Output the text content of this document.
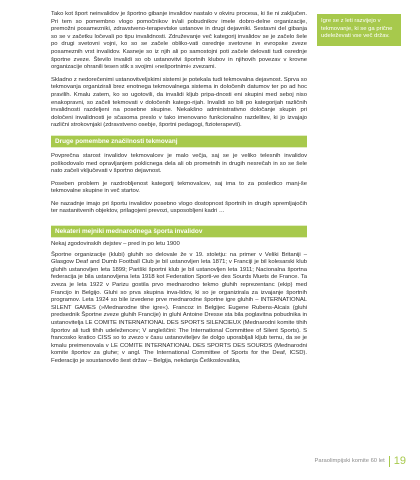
Tako kot šport neinvalidov je športno gibanje invalidov nastalo v okviru procesa, ki še ni zaključen. Pri tem so pomembno vlogo pomočnikov in/ali pobudnikov imele dobro-delne organizacije, premožni posamezniki, zdravstveno-terapevtske ustanove in drugi dejavniki. Sestavni del gibanja so se v začetku ločevali po tipu invalidnosti. Združevanje več kategorij invalidov se je začelo šele po drugi svetovni vojni, ko so se začele obliko-vati osrednje svetovne in evropske zveze posameznih vrst invalidov. Kasneje so iz njih ali po samostojni poti začele delovati tudi osrednje športne zveze. Število invalidi so ob ustanovitvi športnih klubov in njihovih povezav v krovne organizacije ohranili tesen stik s svojimi »nešportnimi« zvezami.

Skladno z nedorečenimi ustanovitveljskimi sistemi je potekala tudi tekmovalna dejavnost. Sprva so tekmovanja organizirali brez enotnega tekmovalnega sistema in določenih datumov ter po ad hoc pravilih. Kmalu zatem, ko so ugotovili, da invalidi kljub pripa-dnosti eni skupini med seboj niso enakopravni, so začeli tekmovati v določenih katego-rijah. Invalidi so bili po kategorijah različnih invalidnosti razdeljeni na posebne skupine. Nekakšno administrativno določanje skupin pri določeni invalidnosti je sčasoma preslo v tako imenovano funkcionalno razdelitev, ki jo izvajajo različni strokovnjaki (zdravstveno osebje, športni pedagogi, fizioterapevti).

Druge pomembne značilnosti tekmovanj

Povprečna starost invalidov tekmovalcev je malo večja, saj se je veliko telesnih invalidov poškodovalo med opravljanjem poklicnega dela ali ob prometnih in drugih nesrečah in so se šele nato začeli vključevati v športno dejavnost.

Poseben problem je razdrobljenost kategorij tekmovalcev, saj ima to za posledico manj-še tekmovalne skupine in več startov.

Ne nazadnje imajo pri športu invalidov posebno vlogo dostopnost športnih in drugih spremljajočih ter nastanitvenih objektov, prilagojeni prevozi, usposobljeni kadri …

Nekateri mejniki mednarodnega športa invalidov

Nekaj zgodovinskih dejstev – pred in po letu 1900

Športne organizacije (klubi) gluhih so delovale že v 19. stoletju: na primer v Veliki Britaniji – Glasgow Deaf and Dumb Football Club je bil ustanovljen leta 1871; v Franciji je bil kolesarski klub gluhih ustanovljen leta 1899; Pariški športni klub je bil ustanovljen leta 1911; Nacionalna športna federacija je bila ustanovljena leta 1918 kot Federation Sporti-ve des Sourds Muets de France. Ta zveza je leta 1922 v Parizu gostila prvo mednarodno tekmo gluhih reprezentanc (ekip) med Francijo in Belgijo. Gluhi so prva skupina inva-lidov, ki so je organizirala za izvajanje športnih programov. Leta 1924 so bile izvedene prve mednarodne športne igre gluhih – INTERNATIONAL SILENT GAMES (»Mednarodne tihe igre«). Francoz in Belgijec Eugene Rubens-Alcais (gluhi predsednik Športne zveze gluhih Francije) in gluhi Antoine Dresse sta bila poglavitna pobudnika in ustanovitelja LE COMITE INTERNATIONAL DES SPORTS SILENCIEUX (Mednarodni komite tihih športov ali tudi tihih udeležencev; V angleščini: The International Committee of Silent Sports). S francosko kratico CISS so to zvezo v času ustanoviteljev še dolgo uporabljali kljub temu, da se je kmalu preimenovala v LE COMITE INTERNATIONAL DES SPORTS DES SOURDS (Mednarodni komite športov za gluhe; v angl. The International Committee of Sports for the Deaf, ICSD). Federacijo je soustanovilo šest držav – Belgija, nekdanja Češkoslovaška,

Igre se z leti razvijejo v tekmovanje, ki se ga prične udeleževati vse več držav.
Paraolimpijski komite 60 let 19
